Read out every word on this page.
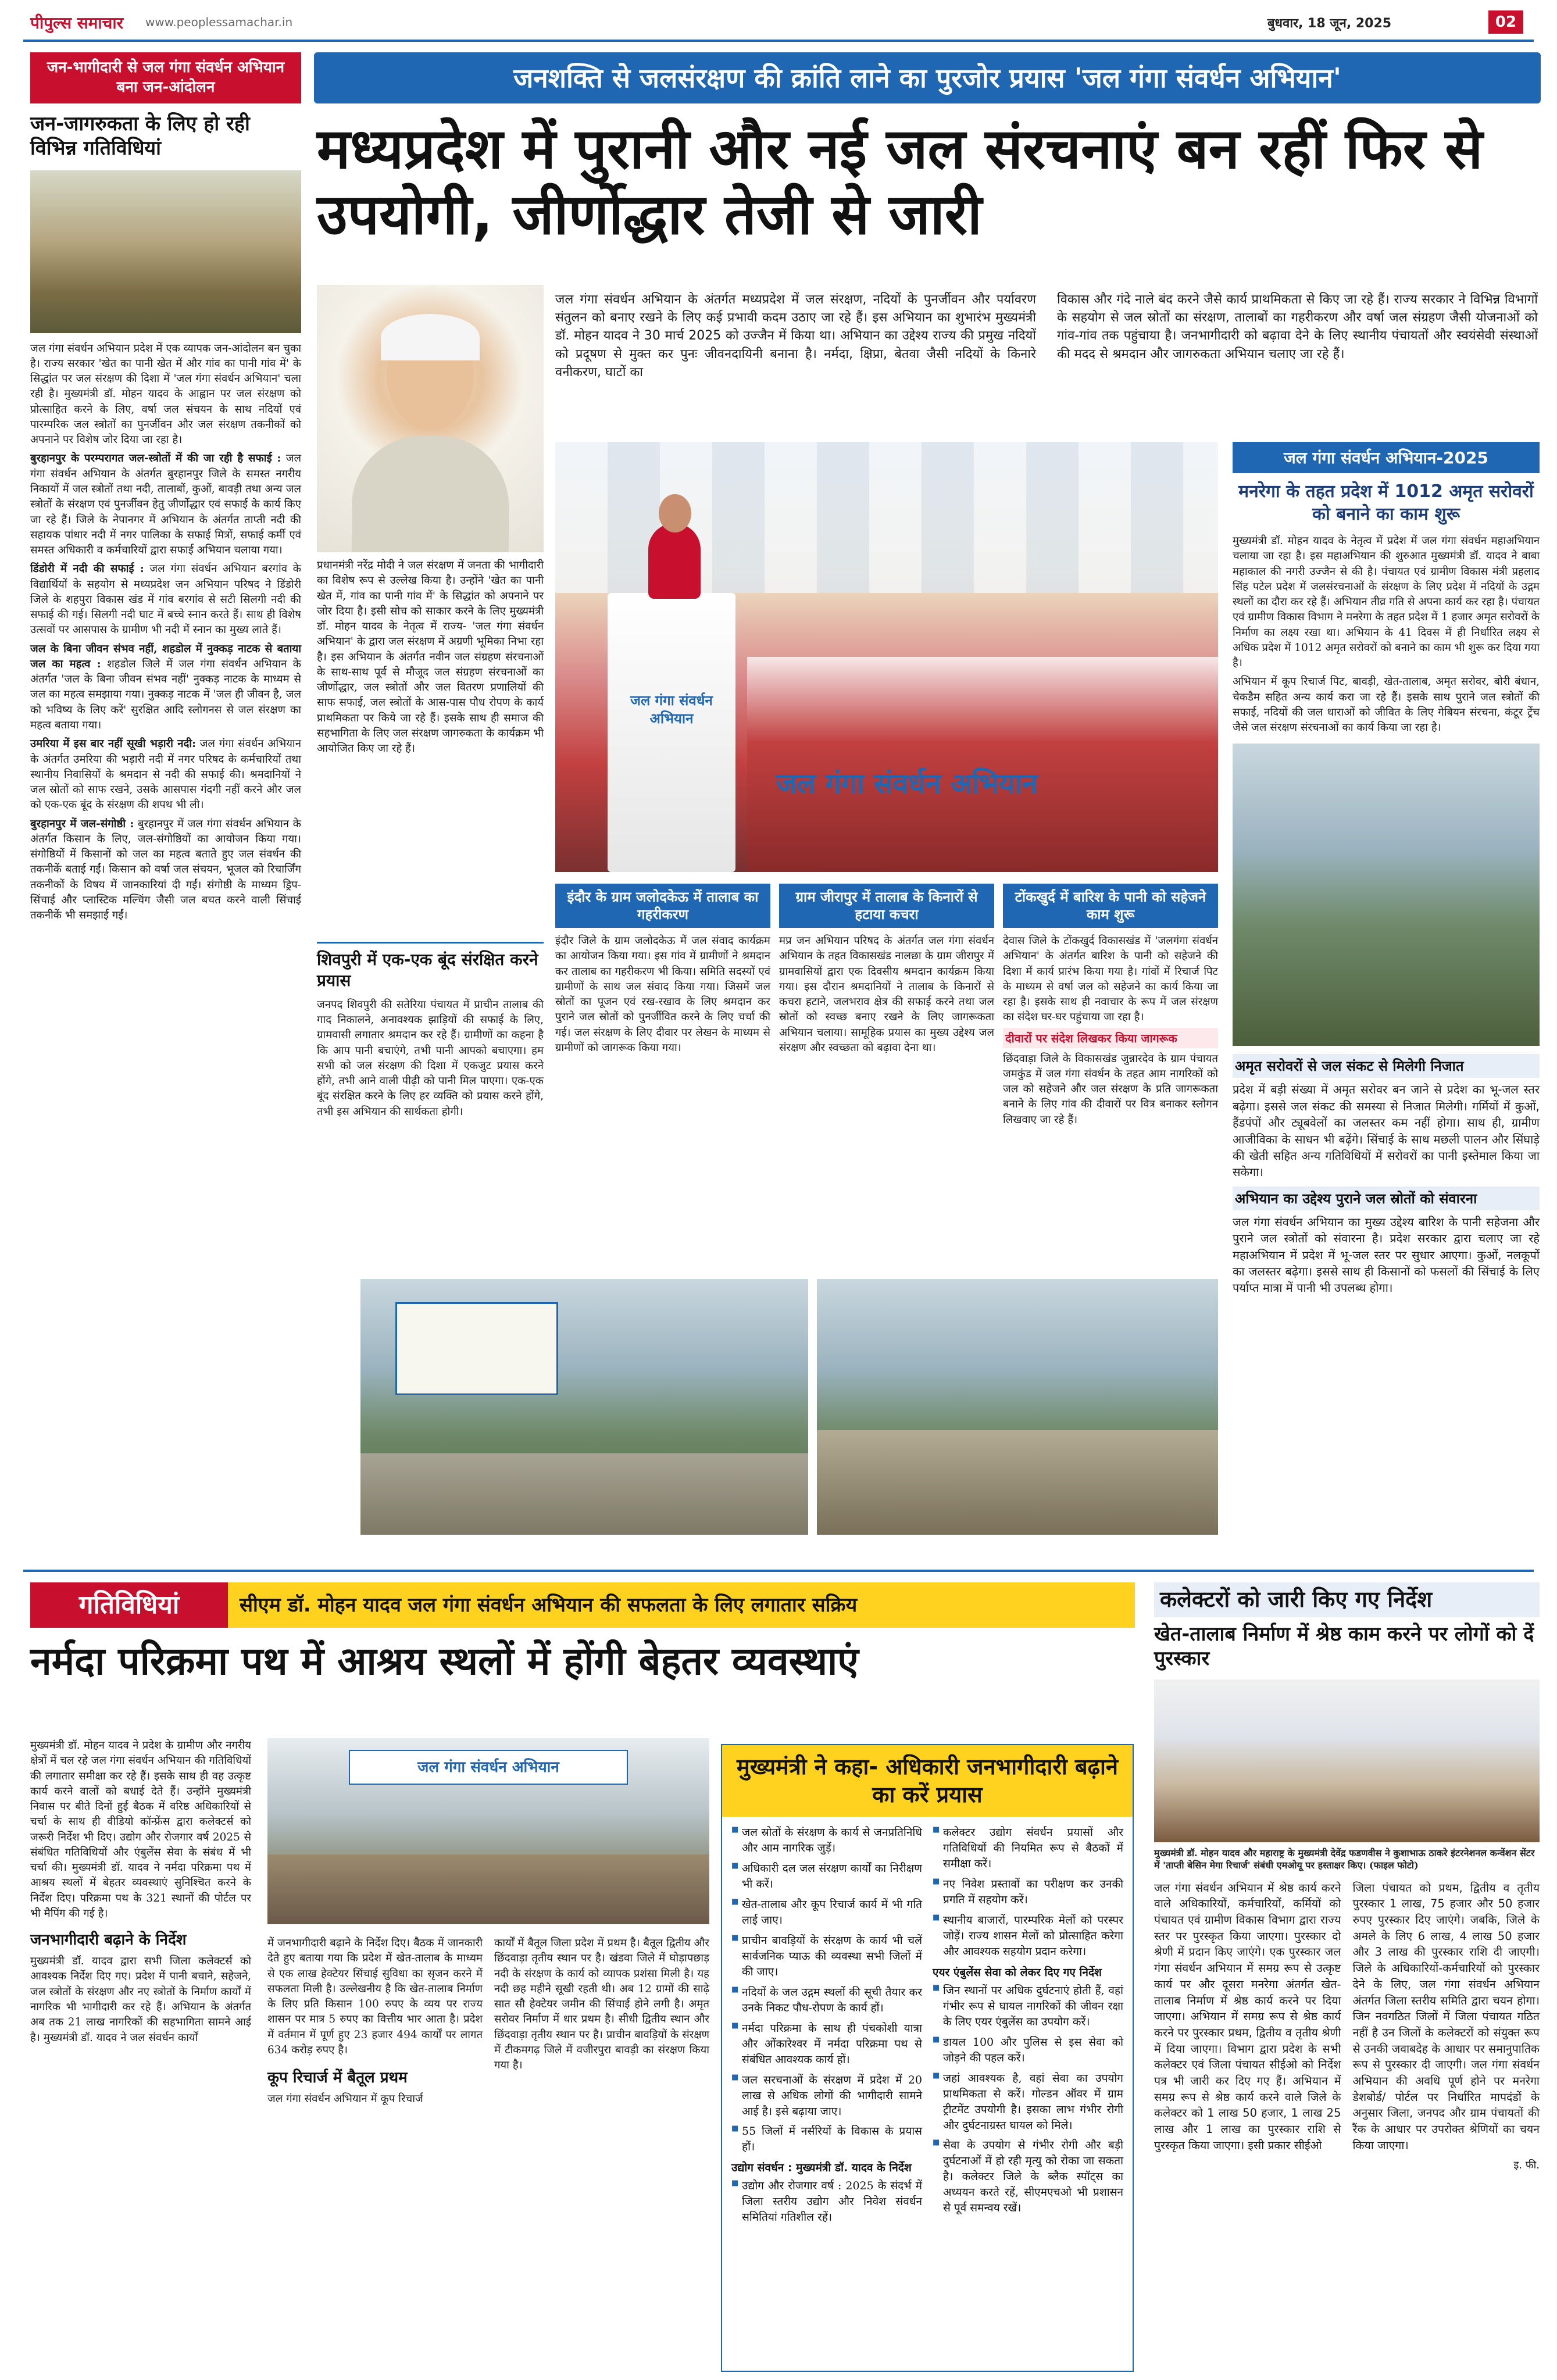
पीपुल्स समाचार www.peoplessamachar.in	बुधवार, 18 जून, 2025	02
जनशक्ति से जलसंरक्षण की क्रांति लाने का पुरजोर प्रयास 'जल गंगा संवर्धन अभियान'
मध्यप्रदेश में पुरानी और नई जल संरचनाएं बन रहीं फिर से उपयोगी, जीर्णोद्धार तेजी से जारी
जन-भागीदारी से जल गंगा संवर्धन अभियान बना जन-आंदोलन
जन-जागरुकता के लिए हो रही विभिन्न गतिविधियां

जल गंगा संवर्धन अभियान प्रदेश में एक व्यापक जन-आंदोलन बन चुका है। राज्य सरकार 'खेत का पानी खेत में और गांव का पानी गांव में' के सिद्धांत पर जल संरक्षण की दिशा में 'जल गंगा संवर्धन अभियान' चला रही है। मुख्यमंत्री डॉ. मोहन यादव के आह्वान पर जल संरक्षण को प्रोत्साहित करने के लिए, वर्षा जल संचयन के साथ नदियों एवं पारम्परिक जल स्त्रोतों का पुनर्जीवन और जल संरक्षण तकनीकों को अपनाने पर विशेष जोर दिया जा रहा है।

बुरहानपुर के परम्परागत जल-स्त्रोतों में की जा रही है सफाई : जल गंगा संवर्धन अभियान के अंतर्गत बुरहानपुर जिले के समस्त नगरीय निकायों में जल स्त्रोतों तथा नदी, तालाबों, कुओं, बावड़ी तथा अन्य जल स्त्रोतों के संरक्षण एवं पुनर्जीवन हेतु जीर्णोद्धार एवं सफाई के कार्य किए जा रहे हैं। जिले के नेपानगर में अभियान के अंतर्गत ताप्ती नदी की सहायक पांधार नदी में नगर पालिका के सफाई मित्रों, सफाई कर्मी एवं समस्त अधिकारी व कर्मचारियों द्वारा सफाई अभियान चलाया गया।

डिंडोरी में नदी की सफाई : जल गंगा संवर्धन अभियान बरगांव के विद्यार्थियों के सहयोग से मध्यप्रदेश जन अभियान परिषद ने डिंडोरी जिले के शहपुरा विकास खंड में गांव बरगांव से सटी सिलगी नदी की सफाई की गई। सिलगी नदी घाट में बच्चे स्नान करते हैं। साथ ही विशेष उत्सवों पर आसपास के ग्रामीण भी नदी में स्नान का मुख्य लाते हैं।

जल के बिना जीवन संभव नहीं, शहडोल में नुक्कड़ नाटक से बताया जल का महत्व : शहडोल जिले में जल गंगा संवर्धन अभियान के अंतर्गत 'जल के बिना जीवन संभव नहीं' नुक्कड़ नाटक के माध्यम से जल का महत्व समझाया गया। नुक्कड़ नाटक में 'जल ही जीवन है, जल को भविष्य के लिए करें' सुरक्षित आदि स्लोगनस से जल संरक्षण का महत्व बताया गया।

उमरिया में इस बार नहीं सूखी भड़ारी नदी: जल गंगा संवर्धन अभियान के अंतर्गत उमरिया की भड़ारी नदी में नगर परिषद के कर्मचारियों तथा स्थानीय निवासियों के श्रमदान से नदी की सफाई की। श्रमदानियों ने जल स्रोतों को साफ रखने, उसके आसपास गंदगी नहीं करने और जल को एक-एक बूंद के संरक्षण की शपथ भी ली।

बुरहानपुर में जल-संगोष्ठी : बुरहानपुर में जल गंगा संवर्धन अभियान के अंतर्गत किसान के लिए, जल-संगोष्ठियों का आयोजन किया गया। संगोष्ठियों में किसानों को जल का महत्व बताते हुए जल संवर्धन की तकनीकें बताई गईं। किसान को वर्षा जल संचयन, भूजल को रिचार्जिंग तकनीकों के विषय में जानकारियां दी गईं। संगोष्ठी के माध्यम ड्रिप-सिंचाई और प्लास्टिक मल्चिंग जैसी जल बचत करने वाली सिंचाई तकनीकें भी समझाई गईं।

प्रधानमंत्री नरेंद्र मोदी ने जल संरक्षण में जनता की भागीदारी का विशेष रूप से उल्लेख किया है। उन्होंने 'खेत का पानी खेत में, गांव का पानी गांव में' के सिद्धांत को अपनाने पर जोर दिया है। इसी सोच को साकार करने के लिए मुख्यमंत्री डॉ. मोहन यादव के नेतृत्व में राज्य- 'जल गंगा संवर्धन अभियान' के द्वारा जल संरक्षण में अग्रणी भूमिका निभा रहा है। इस अभियान के अंतर्गत नवीन जल संग्रहण संरचनाओं के साथ-साथ पूर्व से मौजूद जल संग्रहण संरचनाओं का जीर्णोद्धार, जल स्त्रोतों और जल वितरण प्रणालियों की साफ सफाई, जल स्त्रोतों के आस-पास पौध रोपण के कार्य प्राथमिकता पर किये जा रहे हैं। इसके साथ ही समाज की सहभागिता के लिए जल संरक्षण जागरुकता के कार्यक्रम भी आयोजित किए जा रहे हैं।
शिवपुरी में एक-एक बूंद संरक्षित करने प्रयास
जनपद शिवपुरी की सतेरिया पंचायत में प्राचीन तालाब की गाद निकालने, अनावश्यक झाड़ियों की सफाई के लिए, ग्रामवासी लगातार श्रमदान कर रहे हैं। ग्रामीणों का कहना है कि आप पानी बचाएंगे, तभी पानी आपको बचाएगा। हम सभी को जल संरक्षण की दिशा में एकजुट प्रयास करने होंगे, तभी आने वाली पीढ़ी को पानी मिल पाएगा। एक-एक बूंद संरक्षित करने के लिए हर व्यक्ति को प्रयास करने होंगे, तभी इस अभियान की सार्थकता होगी।
जल गंगा संवर्धन अभियान के अंतर्गत मध्यप्रदेश में जल संरक्षण, नदियों के पुनर्जीवन और पर्यावरण संतुलन को बनाए रखने के लिए कई प्रभावी कदम उठाए जा रहे हैं। इस अभियान का शुभारंभ मुख्यमंत्री डॉ. मोहन यादव ने 30 मार्च 2025 को उज्जैन में किया था। अभियान का उद्देश्य राज्य की प्रमुख नदियों को प्रदूषण से मुक्त कर पुनः जीवनदायिनी बनाना है। नर्मदा, क्षिप्रा, बेतवा जैसी नदियों के किनारे वनीकरण, घाटों का
विकास और गंदे नाले बंद करने जैसे कार्य प्राथमिकता से किए जा रहे हैं। राज्य सरकार ने विभिन्न विभागों के सहयोग से जल स्रोतों का संरक्षण, तालाबों का गहरीकरण और वर्षा जल संग्रहण जैसी योजनाओं को गांव-गांव तक पहुंचाया है। जनभागीदारी को बढ़ावा देने के लिए स्थानीय पंचायतों और स्वयंसेवी संस्थाओं की मदद से श्रमदान और जागरुकता अभियान चलाए जा रहे हैं।
जल गंगा संवर्धन अभियान
जल गंगा संवर्धन अभियान
जल गंगा संवर्धन अभियान-2025
मनरेगा के तहत प्रदेश में 1012 अमृत सरोवरों को बनाने का काम शुरू
मुख्यमंत्री डॉ. मोहन यादव के नेतृत्व में प्रदेश में जल गंगा संवर्धन महाअभियान चलाया जा रहा है। इस महाअभियान की शुरुआत मुख्यमंत्री डॉ. यादव ने बाबा महाकाल की नगरी उज्जैन से की है। पंचायत एवं ग्रामीण विकास मंत्री प्रहलाद सिंह पटेल प्रदेश में जलसंरचनाओं के संरक्षण के लिए प्रदेश में नदियों के उद्गम स्थलों का दौरा कर रहे हैं। अभियान तीव्र गति से अपना कार्य कर रहा है। पंचायत एवं ग्रामीण विकास विभाग ने मनरेगा के तहत प्रदेश में 1 हजार अमृत सरोवरों के निर्माण का लक्ष्य रखा था। अभियान के 41 दिवस में ही निर्धारित लक्ष्य से अधिक प्रदेश में 1012 अमृत सरोवरों को बनाने का काम भी शुरू कर दिया गया है।
अभियान में कूप रिचार्ज पिट, बावड़ी, खेत-तालाब, अमृत सरोवर, बोरी बंधान, चेकडैम सहित अन्य कार्य करा जा रहे हैं। इसके साथ पुराने जल स्त्रोतों की सफाई, नदियों की जल धाराओं को जीवित के लिए गेबियन संरचना, कंटूर ट्रेंच जैसे जल संरक्षण संरचनाओं का कार्य किया जा रहा है।
अमृत सरोवरों से जल संकट से मिलेगी निजात
प्रदेश में बड़ी संख्या में अमृत सरोवर बन जाने से प्रदेश का भू-जल स्तर बढ़ेगा। इससे जल संकट की समस्या से निजात मिलेगी। गर्मियों में कुओं, हैंडपंपों और ट्यूबवेलों का जलस्तर कम नहीं होगा। साथ ही, ग्रामीण आजीविका के साधन भी बढ़ेंगे। सिंचाई के साथ मछली पालन और सिंघाड़े की खेती सहित अन्य गतिविधियों में सरोवरों का पानी इस्तेमाल किया जा सकेगा।
अभियान का उद्देश्य पुराने जल स्रोतों को संवारना
जल गंगा संवर्धन अभियान का मुख्य उद्देश्य बारिश के पानी सहेजना और पुराने जल स्त्रोतों को संवारना है। प्रदेश सरकार द्वारा चलाए जा रहे महाअभियान में प्रदेश में भू-जल स्तर पर सुधार आएगा। कुओं, नलकूपों का जलस्तर बढ़ेगा। इससे साथ ही किसानों को फसलों की सिंचाई के लिए पर्याप्त मात्रा में पानी भी उपलब्ध होगा।
इंदौर के ग्राम जलोदकेऊ में तालाब का गहरीकरण
इंदौर जिले के ग्राम जलोदकेऊ में जल संवाद कार्यक्रम का आयोजन किया गया। इस गांव में ग्रामीणों ने श्रमदान कर तालाब का गहरीकरण भी किया। समिति सदस्यों एवं ग्रामीणों के साथ जल संवाद किया गया। जिसमें जल स्रोतों का पूजन एवं रख-रखाव के लिए श्रमदान कर पुराने जल स्रोतों को पुनर्जीवित करने के लिए चर्चा की गई। जल संरक्षण के लिए दीवार पर लेखन के माध्यम से ग्रामीणों को जागरूक किया गया।
ग्राम जीरापुर में तालाब के किनारों से हटाया कचरा
मप्र जन अभियान परिषद के अंतर्गत जल गंगा संवर्धन अभियान के तहत विकासखंड नालछा के ग्राम जीरापुर में ग्रामवासियों द्वारा एक दिवसीय श्रमदान कार्यक्रम किया गया। इस दौरान श्रमदानियों ने तालाब के किनारों से कचरा हटाने, जलभराव क्षेत्र की सफाई करने तथा जल स्रोतों को स्वच्छ बनाए रखने के लिए जागरूकता अभियान चलाया। सामूहिक प्रयास का मुख्य उद्देश्य जल संरक्षण और स्वच्छता को बढ़ावा देना था।
टोंकखुर्द में बारिश के पानी को सहेजने काम शुरू
देवास जिले के टोंकखुर्द विकासखंड में 'जलगंगा संवर्धन अभियान' के अंतर्गत बारिश के पानी को सहेजने की दिशा में कार्य प्रारंभ किया गया है। गांवों में रिचार्ज पिट के माध्यम से वर्षा जल को सहेजने का कार्य किया जा रहा है। इसके साथ ही नवाचार के रूप में जल संरक्षण का संदेश घर-घर पहुंचाया जा रहा है।
दीवारों पर संदेश लिखकर किया जागरूक
छिंदवाड़ा जिले के विकासखंड जुन्नारदेव के ग्राम पंचायत जमकुंड में जल गंगा संवर्धन के तहत आम नागरिकों को जल को सहेजने और जल संरक्षण के प्रति जागरूकता बनाने के लिए गांव की दीवारों पर वित्र बनाकर स्लोगन लिखवाए जा रहे हैं।
गतिविधियां	सीएम डॉ. मोहन यादव जल गंगा संवर्धन अभियान की सफलता के लिए लगातार सक्रिय
नर्मदा परिक्रमा पथ में आश्रय स्थलों में होंगी बेहतर व्यवस्थाएं
मुख्यमंत्री डॉ. मोहन यादव ने प्रदेश के ग्रामीण और नगरीय क्षेत्रों में चल रहे जल गंगा संवर्धन अभियान की गतिविधियों की लगातार समीक्षा कर रहे हैं। इसके साथ ही वह उत्कृष्ट कार्य करने वालों को बधाई देते हैं। उन्होंने मुख्यमंत्री निवास पर बीते दिनों हुई बैठक में वरिष्ठ अधिकारियों से चर्चा के साथ ही वीडियो कॉन्फ्रेंस द्वारा कलेक्टर्स को जरूरी निर्देश भी दिए। उद्योग और रोजगार वर्ष 2025 से संबंधित गतिविधियों और एंबुलेंस सेवा के संबंध में भी चर्चा की। मुख्यमंत्री डॉ. यादव ने नर्मदा परिक्रमा पथ में आश्रय स्थलों में बेहतर व्यवस्थाएं सुनिश्चित करने के निर्देश दिए। परिक्रमा पथ के 321 स्थानों की पोर्टल पर भी मैपिंग की गई है।
जनभागीदारी बढ़ाने के निर्देश
मुख्यमंत्री डॉ. यादव द्वारा सभी जिला कलेक्टर्स को आवश्यक निर्देश दिए गए। प्रदेश में पानी बचाने, सहेजने, जल स्त्रोतों के संरक्षण और नए स्त्रोतों के निर्माण कार्यों में नागरिक भी भागीदारी कर रहे हैं। अभियान के अंतर्गत अब तक 21 लाख नागरिकों की सहभागिता सामने आई है। मुख्यमंत्री डॉ. यादव ने जल संवर्धन कार्यों
जल गंगा संवर्धन अभियान
में जनभागीदारी बढ़ाने के निर्देश दिए। बैठक में जानकारी देते हुए बताया गया कि प्रदेश में खेत-तालाब के माध्यम से एक लाख हेक्टेयर सिंचाई सुविधा का सृजन करने में सफलता मिली है। उल्लेखनीय है कि खेत-तालाब निर्माण के लिए प्रति किसान 100 रुपए के व्यय पर राज्य शासन पर मात्र 5 रुपए का वित्तीय भार आता है। प्रदेश में वर्तमान में पूर्ण हुए 23 हजार 494 कार्यों पर लागत 634 करोड़ रुपए है।
कूप रिचार्ज में बैतूल प्रथम
जल गंगा संवर्धन अभियान में कूप रिचार्ज
कार्यों में बैतूल जिला प्रदेश में प्रथम है। बैतूल द्वितीय और छिंदवाड़ा तृतीय स्थान पर है। खंडवा जिले में घोड़ापछाड़ नदी के संरक्षण के कार्य को व्यापक प्रशंसा मिली है। यह नदी छह महीने सूखी रहती थी। अब 12 ग्रामों की साढ़े सात सौ हेक्टेयर जमीन की सिंचाई होने लगी है। अमृत सरोवर निर्माण में धार प्रथम है। सीधी द्वितीय स्थान और छिंदवाड़ा तृतीय स्थान पर है। प्राचीन बावड़ियों के संरक्षण में टीकमगढ़ जिले में वजीरपुरा बावड़ी का संरक्षण किया गया है।
मुख्यमंत्री ने कहा- अधिकारी जनभागीदारी बढ़ाने का करें प्रयास
■ जल स्रोतों के संरक्षण के कार्य से जनप्रतिनिधि और आम नागरिक जुड़ें।
■ अधिकारी दल जल संरक्षण कार्यों का निरीक्षण भी करें।
■ खेत-तालाब और कूप रिचार्ज कार्य में भी गति लाई जाए।
■ प्राचीन बावड़ियों के संरक्षण के कार्य भी चलें सार्वजनिक प्याऊ की व्यवस्था सभी जिलों में की जाए।
■ नदियों के जल उद्गम स्थलों की सूची तैयार कर उनके निकट पौध-रोपण के कार्य हों।
■ नर्मदा परिक्रमा के साथ ही पंचकोशी यात्रा और ओंकारेश्वर में नर्मदा परिक्रमा पथ से संबंधित आवश्यक कार्य हों।
■ जल सरचनाओं के संरक्षण में प्रदेश में 20 लाख से अधिक लोगों की भागीदारी सामने आई है। इसे बढ़ाया जाए।
■ 55 जिलों में नर्सरियों के विकास के प्रयास हों।
उद्योग संवर्धन : मुख्यमंत्री डॉ. यादव के निर्देश
■ उद्योग और रोजगार वर्ष : 2025 के संदर्भ में जिला स्तरीय उद्योग और निवेश संवर्धन समितियां गतिशील रहें।
■ कलेक्टर उद्योग संवर्धन प्रयासों और गतिविधियों की नियमित रूप से बैठकों में समीक्षा करें।
■ नए निवेश प्रस्तावों का परीक्षण कर उनकी प्रगति में सहयोग करें।
■ स्थानीय बाजारों, पारम्परिक मेलों को परस्पर जोड़ें। राज्य शासन मेलों को प्रोत्साहित करेगा और आवश्यक सहयोग प्रदान करेगा।
एयर एंबुलेंस सेवा को लेकर दिए गए निर्देश
■ जिन स्थानों पर अधिक दुर्घटनाएं होती हैं, वहां गंभीर रूप से घायल नागरिकों की जीवन रक्षा के लिए एयर एंबुलेंस का उपयोग करें।
■ डायल 100 और पुलिस से इस सेवा को जोड़ने की पहल करें।
■ जहां आवश्यक है, वहां सेवा का उपयोग प्राथमिकता से करें। गोल्डन ऑवर में ग्राम ट्रीटमेंट उपयोगी है। इसका लाभ गंभीर रोगी और दुर्घटनाग्रस्त घायल को मिले।
■ सेवा के उपयोग से गंभीर रोगी और बड़ी दुर्घटनाओं में हो रही मृत्यु को रोका जा सकता है। कलेक्टर जिले के ब्लैक स्पॉट्स का अध्ययन करते रहें, सीएमएचओ भी प्रशासन से पूर्व समन्वय रखें।
कलेक्टरों को जारी किए गए निर्देश
खेत-तालाब निर्माण में श्रेष्ठ काम करने पर लोगों को दें पुरस्कार
मुख्यमंत्री डॉ. मोहन यादव और महाराष्ट्र के मुख्यमंत्री देवेंद्र फडणवीस ने कुशाभाऊ ठाकरे इंटरनेशनल कन्वेंशन सेंटर में 'ताप्ती बेसिन मेगा रिचार्ज' संबंधी एमओयू पर हस्ताक्षर किए। (फाइल फोटो)
जल गंगा संवर्धन अभियान में श्रेष्ठ कार्य करने वाले अधिकारियों, कर्मचारियों, कर्मियों को पंचायत एवं ग्रामीण विकास विभाग द्वारा राज्य स्तर पर पुरस्कृत किया जाएगा। पुरस्कार दो श्रेणी में प्रदान किए जाएंगे। एक पुरस्कार जल गंगा संवर्धन अभियान में समग्र रूप से उत्कृष्ट कार्य पर और दूसरा मनरेगा अंतर्गत खेत-तालाब निर्माण में श्रेष्ठ कार्य करने पर दिया जाएगा। अभियान में समग्र रूप से श्रेष्ठ कार्य करने पर पुरस्कार प्रथम, द्वितीय व तृतीय श्रेणी में दिया जाएगा। विभाग द्वारा प्रदेश के सभी कलेक्टर एवं जिला पंचायत सीईओ को निर्देश पत्र भी जारी कर दिए गए हैं। अभियान में समग्र रूप से श्रेष्ठ कार्य करने वाले जिले के कलेक्टर को 1 लाख 50 हजार, 1 लाख 25 लाख और 1 लाख का पुरस्कार राशि से पुरस्कृत किया जाएगा। इसी प्रकार सीईओ
जिला पंचायत को प्रथम, द्वितीय व तृतीय पुरस्कार 1 लाख, 75 हजार और 50 हजार रुपए पुरस्कार दिए जाएंगे। जबकि, जिले के अमले के लिए 6 लाख, 4 लाख 50 हजार और 3 लाख की पुरस्कार राशि दी जाएगी। जिले के अधिकारियों-कर्मचारियों को पुरस्कार देने के लिए, जल गंगा संवर्धन अभियान अंतर्गत जिला स्तरीय समिति द्वारा चयन होगा। जिन नवगठित जिलों में जिला पंचायत गठित नहीं है उन जिलों के कलेक्टरों को संयुक्त रूप से उनकी जवाबदेह के आधार पर समानुपातिक रूप से पुरस्कार दी जाएगी। जल गंगा संवर्धन अभियान की अवधि पूर्ण होने पर मनरेगा डेशबोर्ड/ पोर्टल पर निर्धारित मापदंडों के अनुसार जिला, जनपद और ग्राम पंचायतों की रैंक के आधार पर उपरोक्त श्रेणियों का चयन किया जाएगा।
इ. फी.
